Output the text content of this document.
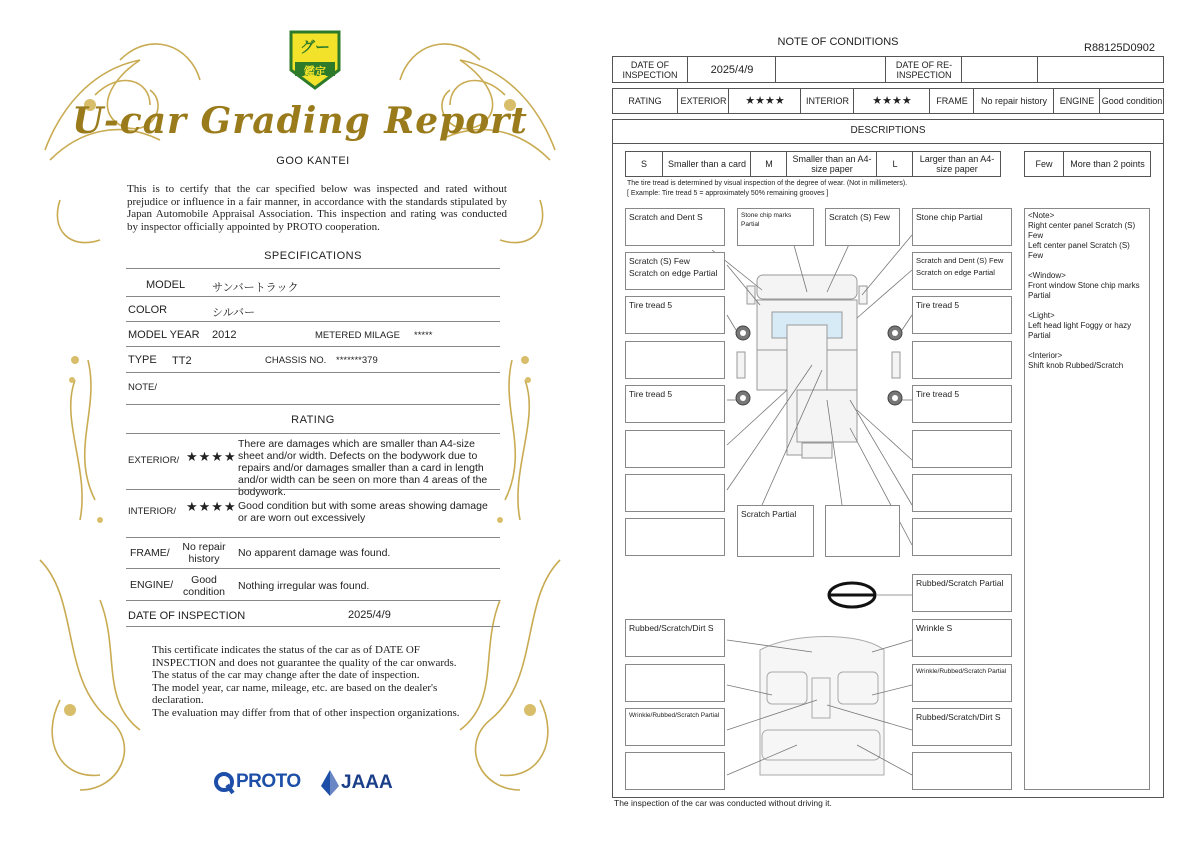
グー
鑑定
U-car Grading Report
GOO KANTEI
This is to certify that the car specified below was inspected and rated without prejudice or influence in a fair manner, in accordance with the standards stipulated by Japan Automobile Appraisal Association. This inspection and rating was conducted by inspector officially appointed by PROTO cooperation.
SPECIFICATIONS
MODEL サンバートラック
COLOR	シルバー
MODEL YEAR 2012	METERED MILAGE *****
TYPE TT2	CHASSIS NO. *******379
NOTE/
RATING
EXTERIOR/ ★★★★
There are damages which are smaller than A4-size sheet and/or width. Defects on the bodywork due to repairs and/or damages smaller than a card in length and/or width can be seen on more than 4 areas of the bodywork.
INTERIOR/ ★★★★ Good condition but with some areas showing damage or are worn out excessively
FRAME/	No repair history	No apparent damage was found.
ENGINE/	Good condition	Nothing irregular was found.
DATE OF INSPECTION	2025/4/9
This certificate indicates the status of the car as of DATE OF
INSPECTION and does not guarantee the quality of the car onwards.
The status of the car may change after the date of inspection.
The model year, car name, mileage, etc. are based on the dealer's
declaration.
The evaluation may differ from that of other inspection organizations.
PROTO JAAA
NOTE OF CONDITIONS	R88125D0902
DATE OF INSPECTION	2025/4/9	DATE OF RE-INSPECTION
RATING	EXTERIOR	★★★★	INTERIOR	★★★★	FRAME	No repair history	ENGINE Good condition
DESCRIPTIONS
S	Smaller than a card	M	Smaller than an A4-size paper	L	Larger than an A4-size paper	Few	More than 2 points
The tire tread is determined by visual inspection of the degree of wear. (Not in millimeters).
[ Example: Tire tread 5 = approximately 50% remaining grooves ]
Scratch and Dent S
Scratch (S) Few
Scratch on edge Partial
Tire tread 5
Tire tread 5
Rubbed/Scratch/Dirt S
Wrinkle/Rubbed/Scratch Partial
Stone chip marks Partial
Scratch (S) Few
Scratch Partial
Stone chip Partial
Scratch and Dent (S) Few
Scratch on edge Partial
Tire tread 5
Tire tread 5
Rubbed/Scratch Partial
Wrinkle S
Wrinkle/Rubbed/Scratch Partial
Rubbed/Scratch/Dirt S
<Note>
Right center panel Scratch (S) Few
Left center panel Scratch (S) Few

<Window>
Front window Stone chip marks Partial

<Light>
Left head light Foggy or hazy Partial

<Interior>
Shift knob Rubbed/Scratch
The inspection of the car was conducted without driving it.
